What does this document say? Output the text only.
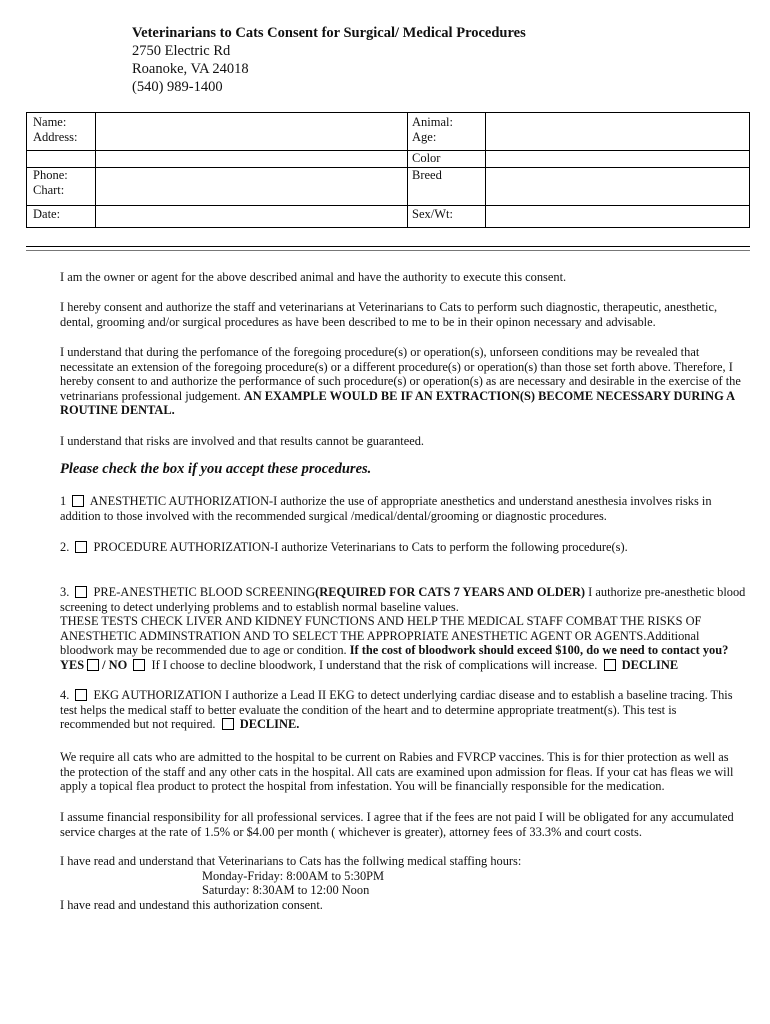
Veterinarians to Cats Consent for Surgical/ Medical Procedures
2750 Electric Rd
Roanoke, VA 24018
(540) 989-1400
Name:
Address:
Phone:
Chart:
Date:
Animal:
Age:
Color
Breed
Sex/Wt:

I am the owner or agent for the above described animal and have the authority to execute this consent.

I hereby consent and authorize the staff and veterinarians at Veterinarians to Cats to perform such diagnostic, therapeutic, anesthetic, dental, grooming and/or surgical procedures as have been described to me to be in their opinon necessary and advisable.

I understand that during the perfomance of the foregoing procedure(s) or operation(s), unforseen conditions may be revealed that necessitate an extension of the foregoing procedure(s) or a different procedure(s) or operation(s) than those set forth above. Therefore, I hereby consent to and authorize the performance of such procedure(s) or operation(s) as are necessary and desirable in the exercise of the vetrinarians professional judgement. AN EXAMPLE WOULD BE IF AN EXTRACTION(S) BECOME NECESSARY DURING A ROUTINE DENTAL.

I understand that risks are involved and that results cannot be guaranteed.

Please check the box if you accept these procedures.

1 ANESTHETIC AUTHORIZATION-I authorize the use of appropriate anesthetics and understand anesthesia involves risks in addition to those involved with the recommended surgical /medical/dental/grooming or diagnostic procedures.

2. PROCEDURE AUTHORIZATION-I authorize Veterinarians to Cats to perform the following procedure(s).

3. PRE-ANESTHETIC BLOOD SCREENING(REQUIRED FOR CATS 7 YEARS AND OLDER) I authorize pre-anesthetic blood screening to detect underlying problems and to establish normal baseline values.
THESE TESTS CHECK LIVER AND KIDNEY FUNCTIONS AND HELP THE MEDICAL STAFF COMBAT THE RISKS OF ANESTHETIC ADMINSTRATION AND TO SELECT THE APPROPRIATE ANESTHETIC AGENT OR AGENTS.Additional bloodwork may be recommended due to age or condition. If the cost of bloodwork should exceed $100, do we need to contact you?
YES / NO If I choose to decline bloodwork, I understand that the risk of complications will increase. DECLINE

4. EKG AUTHORIZATION I authorize a Lead II EKG to detect underlying cardiac disease and to establish a baseline tracing. This test helps the medical staff to better evaluate the condition of the heart and to determine appropriate treatment(s). This test is recommended but not required. DECLINE.

We require all cats who are admitted to the hospital to be current on Rabies and FVRCP vaccines. This is for thier protection as well as the protection of the staff and any other cats in the hospital. All cats are examined upon admission for fleas. If your cat has fleas we will apply a topical flea product to protect the hospital from infestation. You will be financially responsible for the medication.

I assume financial responsibility for all professional services. I agree that if the fees are not paid I will be obligated for any accumulated service charges at the rate of 1.5% or $4.00 per month ( whichever is greater), attorney fees of 33.3% and court costs.

I have read and understand that Veterinarians to Cats has the follwing medical staffing hours:
Monday-Friday: 8:00AM to 5:30PM
Saturday: 8:30AM to 12:00 Noon
I have read and undestand this authorization consent.
